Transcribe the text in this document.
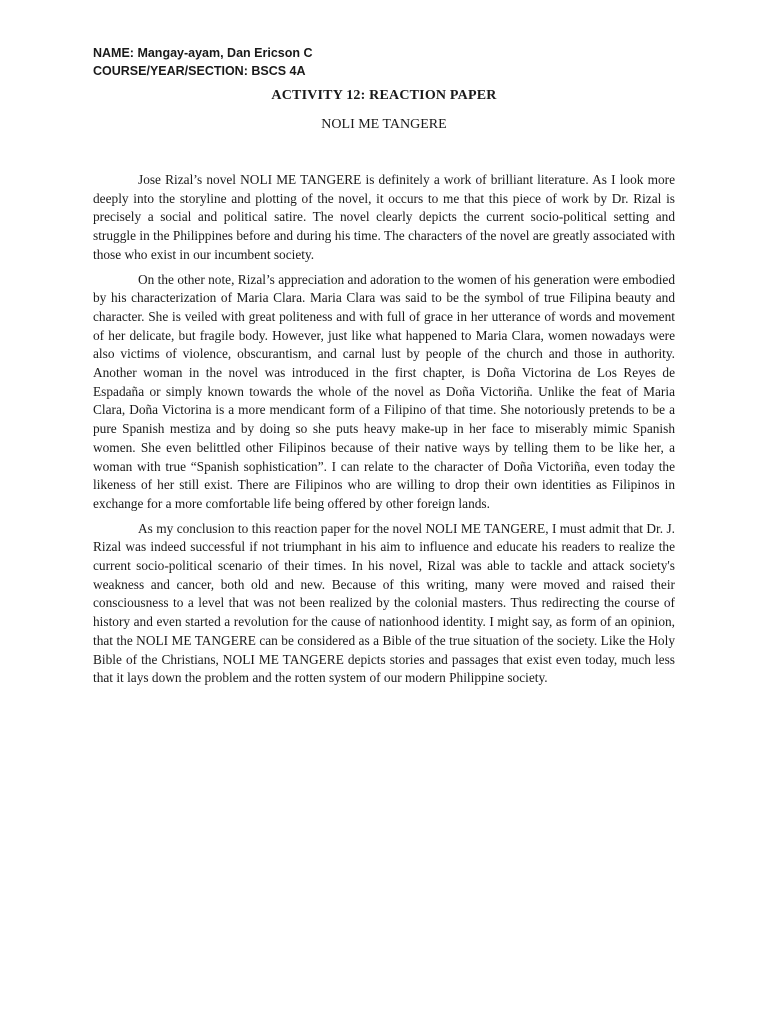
NAME: Mangay-ayam, Dan Ericson C
COURSE/YEAR/SECTION: BSCS 4A
ACTIVITY 12: REACTION PAPER
NOLI ME TANGERE

Jose Rizal’s novel NOLI ME TANGERE is definitely a work of brilliant literature. As I look more deeply into the storyline and plotting of the novel, it occurs to me that this piece of work by Dr. Rizal is precisely a social and political satire. The novel clearly depicts the current socio-political setting and struggle in the Philippines before and during his time. The characters of the novel are greatly associated with those who exist in our incumbent society.

On the other note, Rizal’s appreciation and adoration to the women of his generation were embodied by his characterization of Maria Clara. Maria Clara was said to be the symbol of true Filipina beauty and character. She is veiled with great politeness and with full of grace in her utterance of words and movement of her delicate, but fragile body. However, just like what happened to Maria Clara, women nowadays were also victims of violence, obscurantism, and carnal lust by people of the church and those in authority. Another woman in the novel was introduced in the first chapter, is Doña Victorina de Los Reyes de Espadaña or simply known towards the whole of the novel as Doña Victoriña. Unlike the feat of Maria Clara, Doña Victorina is a more mendicant form of a Filipino of that time. She notoriously pretends to be a pure Spanish mestiza and by doing so she puts heavy make-up in her face to miserably mimic Spanish women. She even belittled other Filipinos because of their native ways by telling them to be like her, a woman with true “Spanish sophistication”. I can relate to the character of Doña Victoriña, even today the likeness of her still exist. There are Filipinos who are willing to drop their own identities as Filipinos in exchange for a more comfortable life being offered by other foreign lands.

As my conclusion to this reaction paper for the novel NOLI ME TANGERE, I must admit that Dr. J. Rizal was indeed successful if not triumphant in his aim to influence and educate his readers to realize the current socio-political scenario of their times. In his novel, Rizal was able to tackle and attack society's weakness and cancer, both old and new. Because of this writing, many were moved and raised their consciousness to a level that was not been realized by the colonial masters. Thus redirecting the course of history and even started a revolution for the cause of nationhood identity. I might say, as form of an opinion, that the NOLI ME TANGERE can be considered as a Bible of the true situation of the society. Like the Holy Bible of the Christians, NOLI ME TANGERE depicts stories and passages that exist even today, much less that it lays down the problem and the rotten system of our modern Philippine society.
